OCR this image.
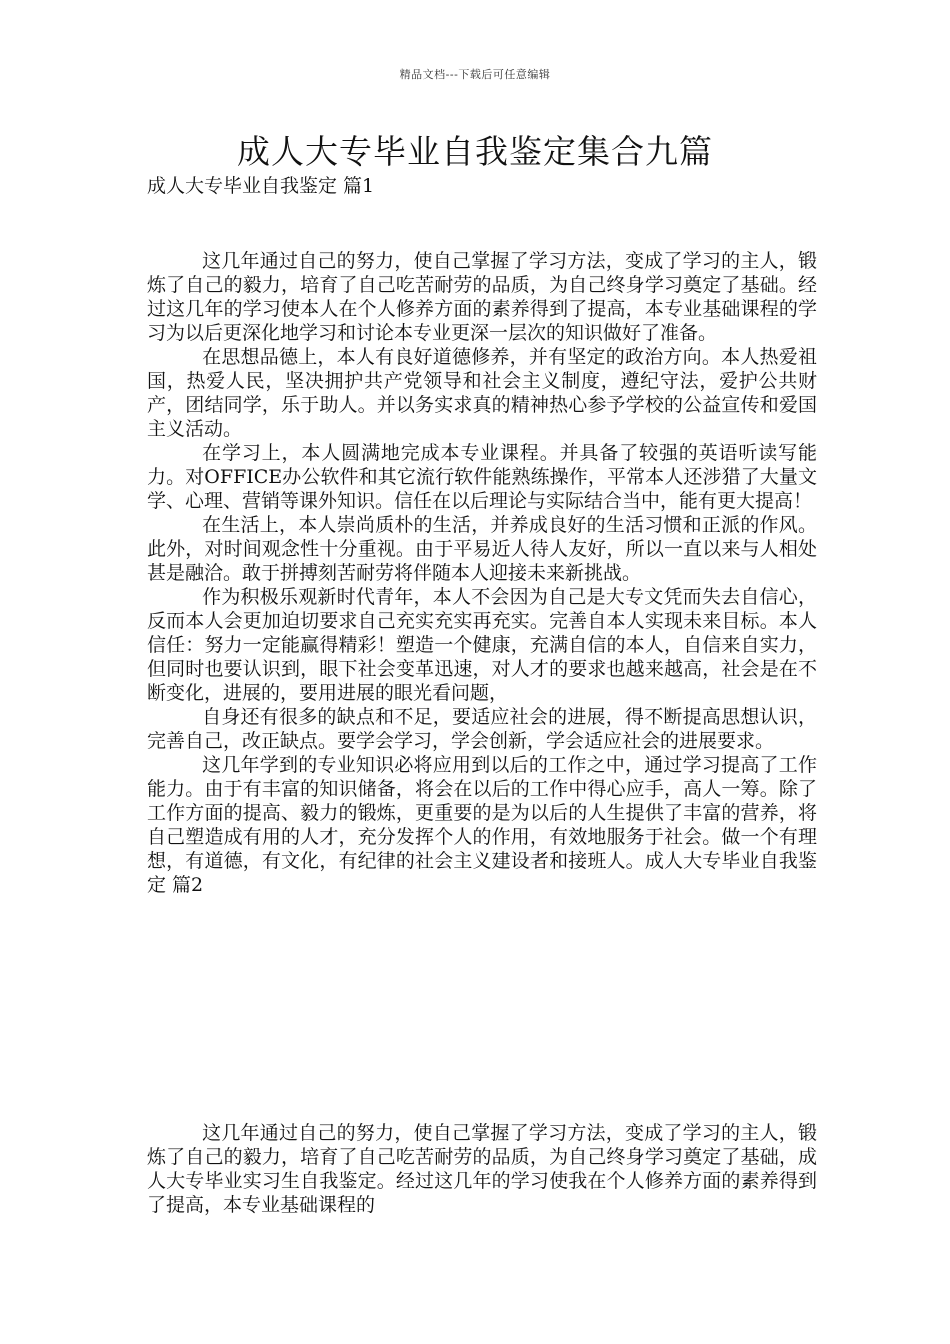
精品文档---下载后可任意编辑
成人大专毕业自我鉴定集合九篇
成人大专毕业自我鉴定 篇1

这几年通过自己的努力，使自己掌握了学习方法，变成了学习的主人，锻炼了自己的毅力，培育了自己吃苦耐劳的品质，为自己终身学习奠定了基础。经过这几年的学习使本人在个人修养方面的素养得到了提高，本专业基础课程的学习为以后更深化地学习和讨论本专业更深一层次的知识做好了准备。

在思想品德上，本人有良好道德修养，并有坚定的政治方向。本人热爱祖国，热爱人民，坚决拥护共产党领导和社会主义制度，遵纪守法，爱护公共财产，团结同学，乐于助人。并以务实求真的精神热心参予学校的公益宣传和爱国主义活动。

在学习上，本人圆满地完成本专业课程。并具备了较强的英语听读写能力。对OFFICE办公软件和其它流行软件能熟练操作，平常本人还涉猎了大量文学、心理、营销等课外知识。信任在以后理论与实际结合当中，能有更大提高！

在生活上，本人崇尚质朴的生活，并养成良好的生活习惯和正派的作风。此外，对时间观念性十分重视。由于平易近人待人友好，所以一直以来与人相处甚是融洽。敢于拼搏刻苦耐劳将伴随本人迎接未来新挑战。

作为积极乐观新时代青年，本人不会因为自己是大专文凭而失去自信心，反而本人会更加迫切要求自己充实充实再充实。完善自本人实现未来目标。本人信任：努力一定能赢得精彩！塑造一个健康，充满自信的本人，自信来自实力，但同时也要认识到，眼下社会变革迅速，对人才的要求也越来越高，社会是在不断变化，进展的，要用进展的眼光看问题，

自身还有很多的缺点和不足，要适应社会的进展，得不断提高思想认识，完善自己，改正缺点。要学会学习，学会创新，学会适应社会的进展要求。

这几年学到的专业知识必将应用到以后的工作之中，通过学习提高了工作能力。由于有丰富的知识储备，将会在以后的工作中得心应手，高人一筹。除了工作方面的提高、毅力的锻炼，更重要的是为以后的人生提供了丰富的营养，将自己塑造成有用的人才，充分发挥个人的作用，有效地服务于社会。做一个有理想，有道德，有文化，有纪律的社会主义建设者和接班人。成人大专毕业自我鉴定 篇2

这几年通过自己的努力，使自己掌握了学习方法，变成了学习的主人，锻炼了自己的毅力，培育了自己吃苦耐劳的品质，为自己终身学习奠定了基础，成人大专毕业实习生自我鉴定。经过这几年的学习使我在个人修养方面的素养得到了提高，本专业基础课程的
